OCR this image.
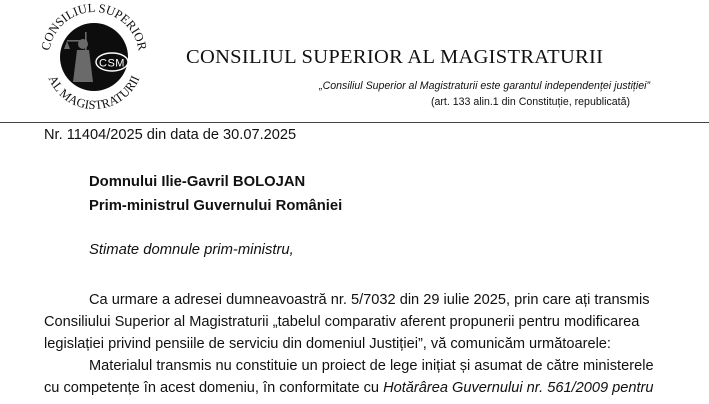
CSM
CONSILIUL SUPERIOR
AL MAGISTRATURII
CONSILIUL SUPERIOR AL MAGISTRATURII
„Consiliul Superior al Magistraturii este garantul independenței justiției”
(art. 133 alin.1 din Constituție, republicată)
Nr. 11404/2025 din data de 30.07.2025
Domnului Ilie-Gavril BOLOJAN
Prim-ministrul Guvernului României
Stimate domnule prim-ministru,
Ca urmare a adresei dumneavoastră nr. 5/7032 din 29 iulie 2025, prin care ați transmis
Consiliului Superior al Magistraturii „tabelul comparativ aferent propunerii pentru modificarea
legislației privind pensiile de serviciu din domeniul Justiției”, vă comunicăm următoarele:
Materialul transmis nu constituie un proiect de lege inițiat și asumat de către ministerele
cu competențe în acest domeniu, în conformitate cu Hotărârea Guvernului nr. 561/2009 pentru
